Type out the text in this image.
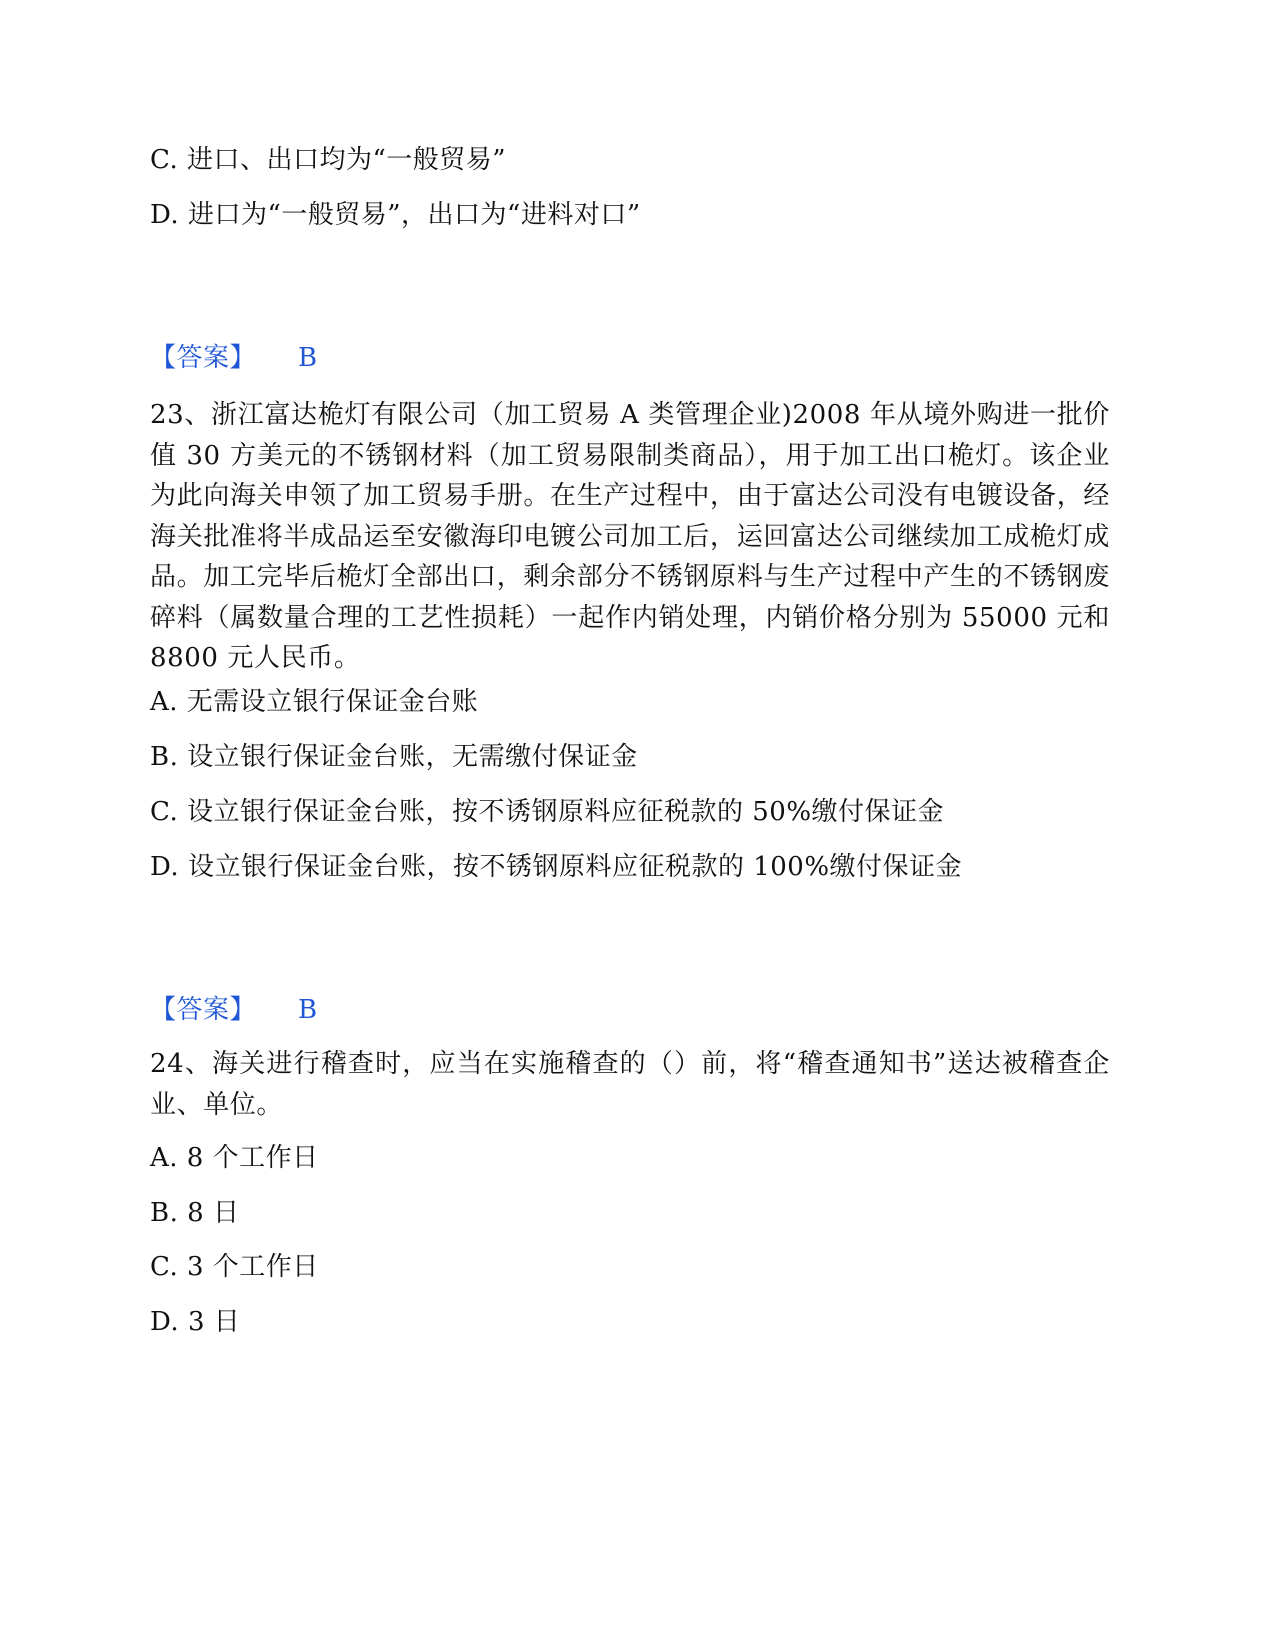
C. 进口、出口均为“一般贸易”
D. 进口为“一般贸易”，出口为“进料对口”
【答案】 B
23、浙江富达桅灯有限公司（加工贸易 A 类管理企业)2008 年从境外购进一批价值 30 方美元的不锈钢材料（加工贸易限制类商品），用于加工出口桅灯。该企业为此向海关申领了加工贸易手册。在生产过程中，由于富达公司没有电镀设备，经海关批准将半成品运至安徽海印电镀公司加工后，运回富达公司继续加工成桅灯成品。加工完毕后桅灯全部出口，剩余部分不锈钢原料与生产过程中产生的不锈钢废碎料（属数量合理的工艺性损耗）一起作内销处理，内销价格分别为 55000 元和 8800 元人民币。
A. 无需设立银行保证金台账
B. 设立银行保证金台账，无需缴付保证金
C. 设立银行保证金台账，按不诱钢原料应征税款的 50%缴付保证金
D. 设立银行保证金台账，按不锈钢原料应征税款的 100%缴付保证金
【答案】 B
24、海关进行稽查时，应当在实施稽查的（）前，将“稽查通知书”送达被稽查企业、单位。
A. 8 个工作日
B. 8 日
C. 3 个工作日
D. 3 日
